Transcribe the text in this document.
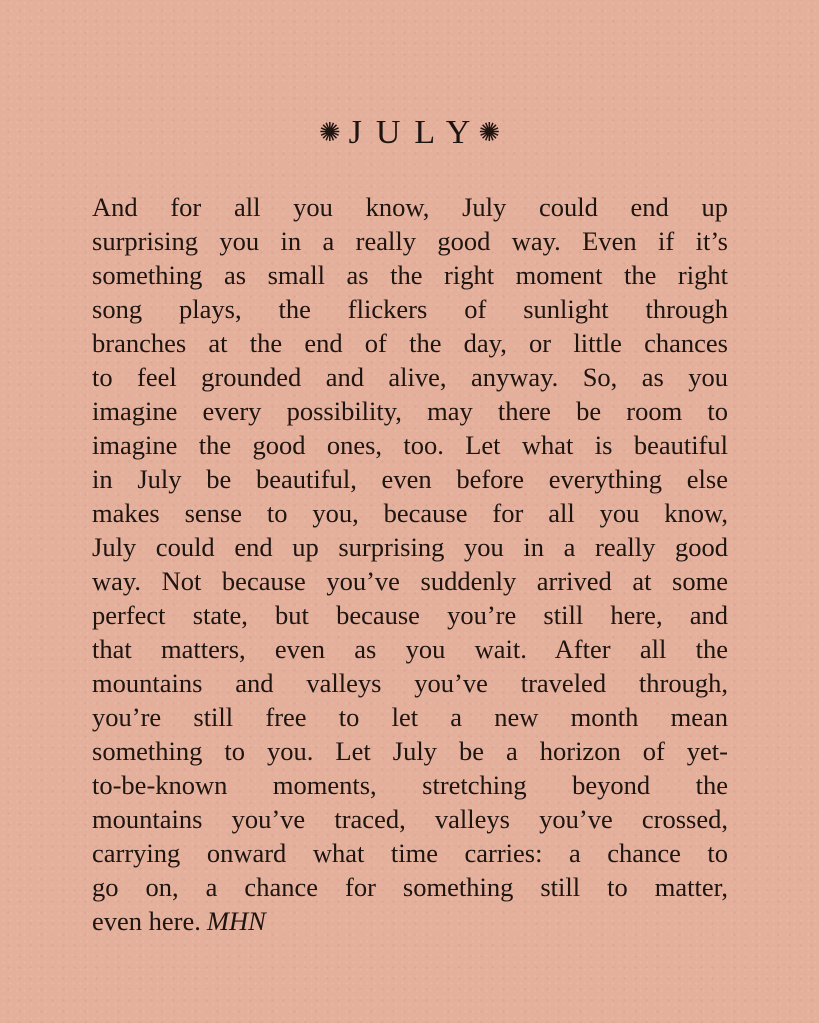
✺ JULY
✺
And for all you know, July could end up
surprising you in a really good way. Even if it’s
something as small as the right moment the right
song plays, the flickers of sunlight through
branches at the end of the day, or little chances
to feel grounded and alive, anyway. So, as you
imagine every possibility, may there be room to
imagine the good ones, too. Let what is beautiful
in July be beautiful, even before everything else
makes sense to you, because for all you know,
July could end up surprising you in a really good
way. Not because you’ve suddenly arrived at some
perfect state, but because you’re still here, and
that matters, even as you wait. After all the
mountains and valleys you’ve traveled through,
you’re still free to let a new month mean
something to you. Let July be a horizon of yet-
to-be-known moments, stretching beyond the
mountains you’ve traced, valleys you’ve crossed,
carrying onward what time carries: a chance to
go on, a chance for something still to matter,
even here. MHN
